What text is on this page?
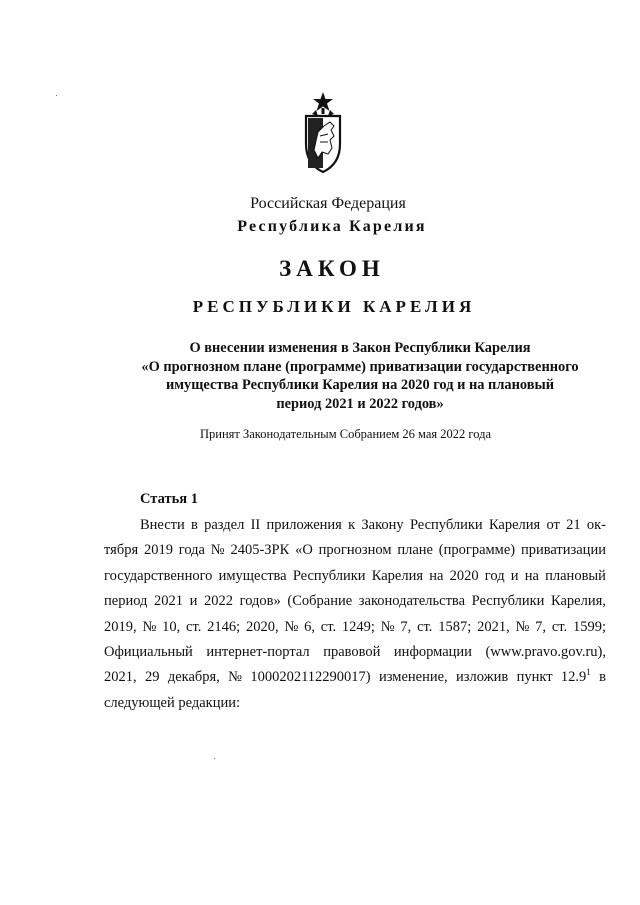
Российская Федерация
Республика Карелия
ЗАКОН
РЕСПУБЛИКИ КАРЕЛИЯ
О внесении изменения в Закон Республики Карелия
«О прогнозном плане (программе) приватизации государственного
имущества Республики Карелия на 2020 год и на плановый
период 2021 и 2022 годов»
Принят Законодательным Собранием 26 мая 2022 года
Статья 1
Внести в раздел II приложения к Закону Республики Карелия от 21 ок-
тября 2019 года № 2405-ЗРК «О прогнозном плане (программе) приватизации
государственного имущества Республики Карелия на 2020 год и на плановый
период 2021 и 2022 годов» (Собрание законодательства Республики Карелия,
2019, № 10, ст. 2146; 2020, № 6, ст. 1249; № 7, ст. 1587; 2021, № 7, ст. 1599;
Официальный интернет-портал правовой информации (www.pravo.gov.ru),
2021, 29 декабря, № 1000202112290017) изменение, изложив пункт 12.9$^1$ в
следующей редакции:
